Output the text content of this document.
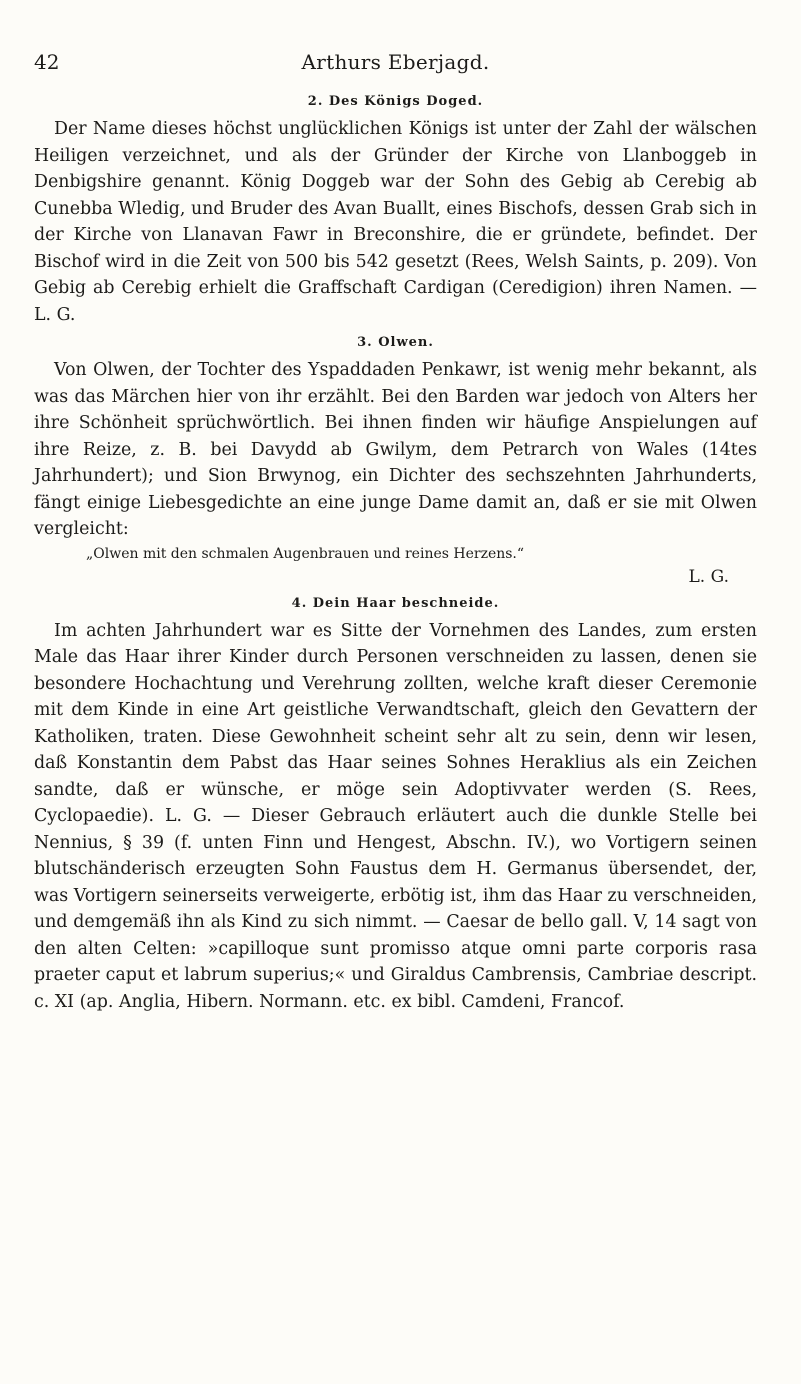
42	Arthurs Eberjagd.
2. Des Königs Doged.

Der Name dieses höchst unglücklichen Königs ist unter der Zahl der wälschen Heiligen verzeichnet, und als der Gründer der Kirche von Llanboggeb in Denbigshire genannt. König Doggeb war der Sohn des Gebig ab Cerebig ab Cunebba Wledig, und Bruder des Avan Buallt, eines Bischofs, dessen Grab sich in der Kirche von Llanavan Fawr in Breconshire, die er gründete, befindet. Der Bischof wird in die Zeit von 500 bis 542 gesetzt (Rees, Welsh Saints, p. 209). Von Gebig ab Cerebig erhielt die Graffschaft Cardigan (Ceredigion) ihren Namen. — L. G.

3. Olwen.

Von Olwen, der Tochter des Yspaddaden Penkawr, ist wenig mehr bekannt, als was das Märchen hier von ihr erzählt. Bei den Barden war jedoch von Alters her ihre Schönheit sprüchwörtlich. Bei ihnen finden wir häufige Anspielungen auf ihre Reize, z. B. bei Davydd ab Gwilym, dem Petrarch von Wales (14tes Jahrhundert); und Sion Brwynog, ein Dichter des sechszehnten Jahrhunderts, fängt einige Liebesgedichte an eine junge Dame damit an, daß er sie mit Olwen vergleicht:

„Olwen mit den schmalen Augenbrauen und reines Herzens.“

L. G.

4. Dein Haar beschneide.

Im achten Jahrhundert war es Sitte der Vornehmen des Landes, zum ersten Male das Haar ihrer Kinder durch Personen verschneiden zu lassen, denen sie besondere Hochachtung und Verehrung zollten, welche kraft dieser Ceremonie mit dem Kinde in eine Art geistliche Verwandtschaft, gleich den Gevattern der Katholiken, traten. Diese Gewohnheit scheint sehr alt zu sein, denn wir lesen, daß Konstantin dem Pabst das Haar seines Sohnes Heraklius als ein Zeichen sandte, daß er wünsche, er möge sein Adoptivvater werden (S. Rees, Cyclopaedie). L. G. — Dieser Gebrauch erläutert auch die dunkle Stelle bei Nennius, § 39 (f. unten Finn und Hengest, Abschn. IV.), wo Vortigern seinen blutschänderisch erzeugten Sohn Faustus dem H. Germanus übersendet, der, was Vortigern seinerseits verweigerte, erbötig ist, ihm das Haar zu verschneiden, und demgemäß ihn als Kind zu sich nimmt. — Caesar de bello gall. V, 14 sagt von den alten Celten: »capilloque sunt promisso atque omni parte corporis rasa praeter caput et labrum superius;« und Giraldus Cambrensis, Cambriae descript. c. XI (ap. Anglia, Hibern. Normann. etc. ex bibl. Camdeni, Francof.
